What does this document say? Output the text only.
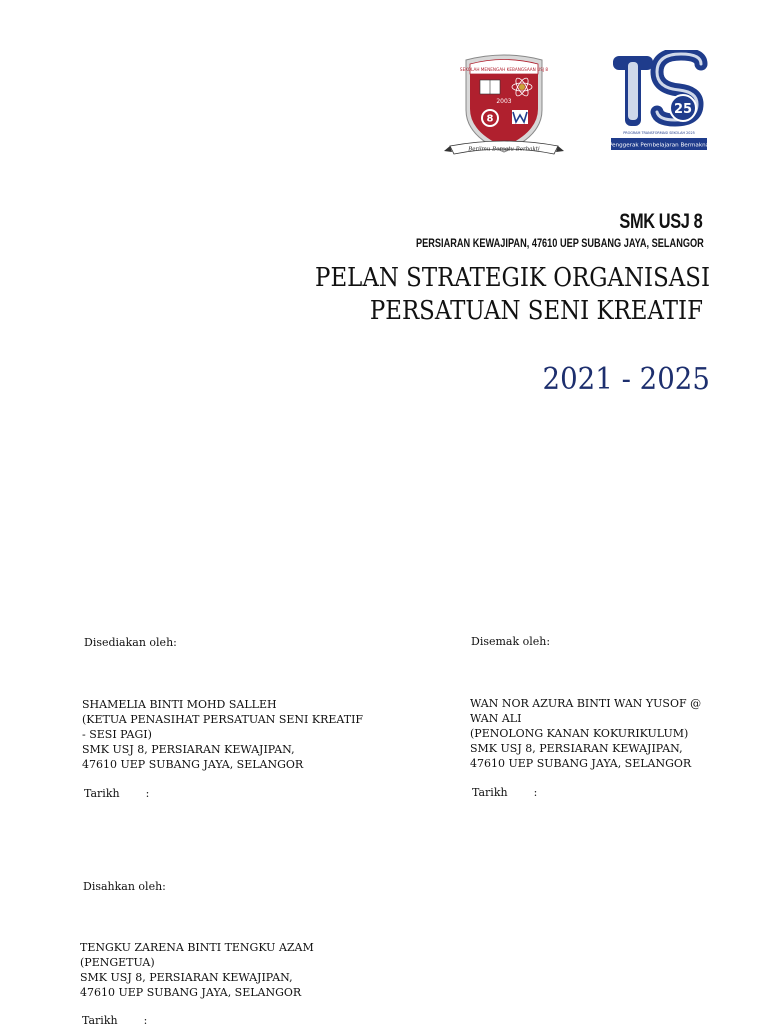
SEKOLAH MENENGAH KEBANGSAAN USJ 8
2003
8
Berilmu Bersatu Berbakti
25
PROGRAM TRANSFORMASI SEKOLAH 2025
Penggerak Pembelajaran Bermakna
SMK USJ 8
PERSIARAN KEWAJIPAN, 47610 UEP SUBANG JAYA, SELANGOR
PELAN STRATEGIK ORGANISASI
PERSATUAN SENI KREATIF
2021 - 2025
Disediakan oleh:
SHAMELIA BINTI MOHD SALLEH
(KETUA PENASIHAT PERSATUAN SENI KREATIF
- SESI PAGI)
SMK USJ 8, PERSIARAN KEWAJIPAN,
47610 UEP SUBANG JAYA, SELANGOR
Tarikh :
Disemak oleh:
WAN NOR AZURA BINTI WAN YUSOF @
WAN ALI
(PENOLONG KANAN KOKURIKULUM)
SMK USJ 8, PERSIARAN KEWAJIPAN,
47610 UEP SUBANG JAYA, SELANGOR
Tarikh :
Disahkan oleh:
TENGKU ZARENA BINTI TENGKU AZAM
(PENGETUA)
SMK USJ 8, PERSIARAN KEWAJIPAN,
47610 UEP SUBANG JAYA, SELANGOR
Tarikh :
